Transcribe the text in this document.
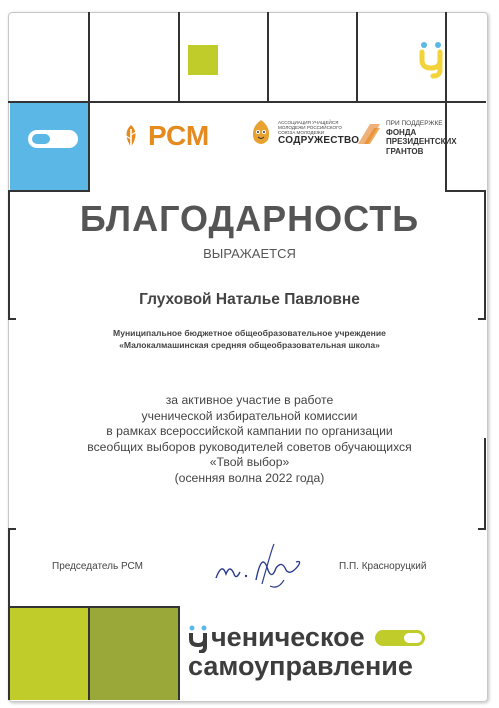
РСМ	АССОЦИАЦИЯ УЧАЩЕЙСЯ МОЛОДЕЖИ РОССИЙСКОГО СОЮЗА МОЛОДЕЖИ
СОДРУЖЕСТВО
ПРИ ПОДДЕРЖКЕ
ФОНДА
ПРЕЗИДЕНТСКИХ
ГРАНТОВ
БЛАГОДАРНОСТЬ
ВЫРАЖАЕТСЯ
Глуховой Наталье Павловне
Муниципальное бюджетное общеобразовательное учреждение
«Малокалмашинская средняя общеобразовательная школа»
за активное участие в работе
ученической избирательной комиссии
в рамках всероссийской кампании по организации
всеобщих выборов руководителей советов обучающихся
«Твой выбор»
(осенняя волна 2022 года)
Председатель РСМ	П.П. Красноруцкий
ченическое
самоуправление
